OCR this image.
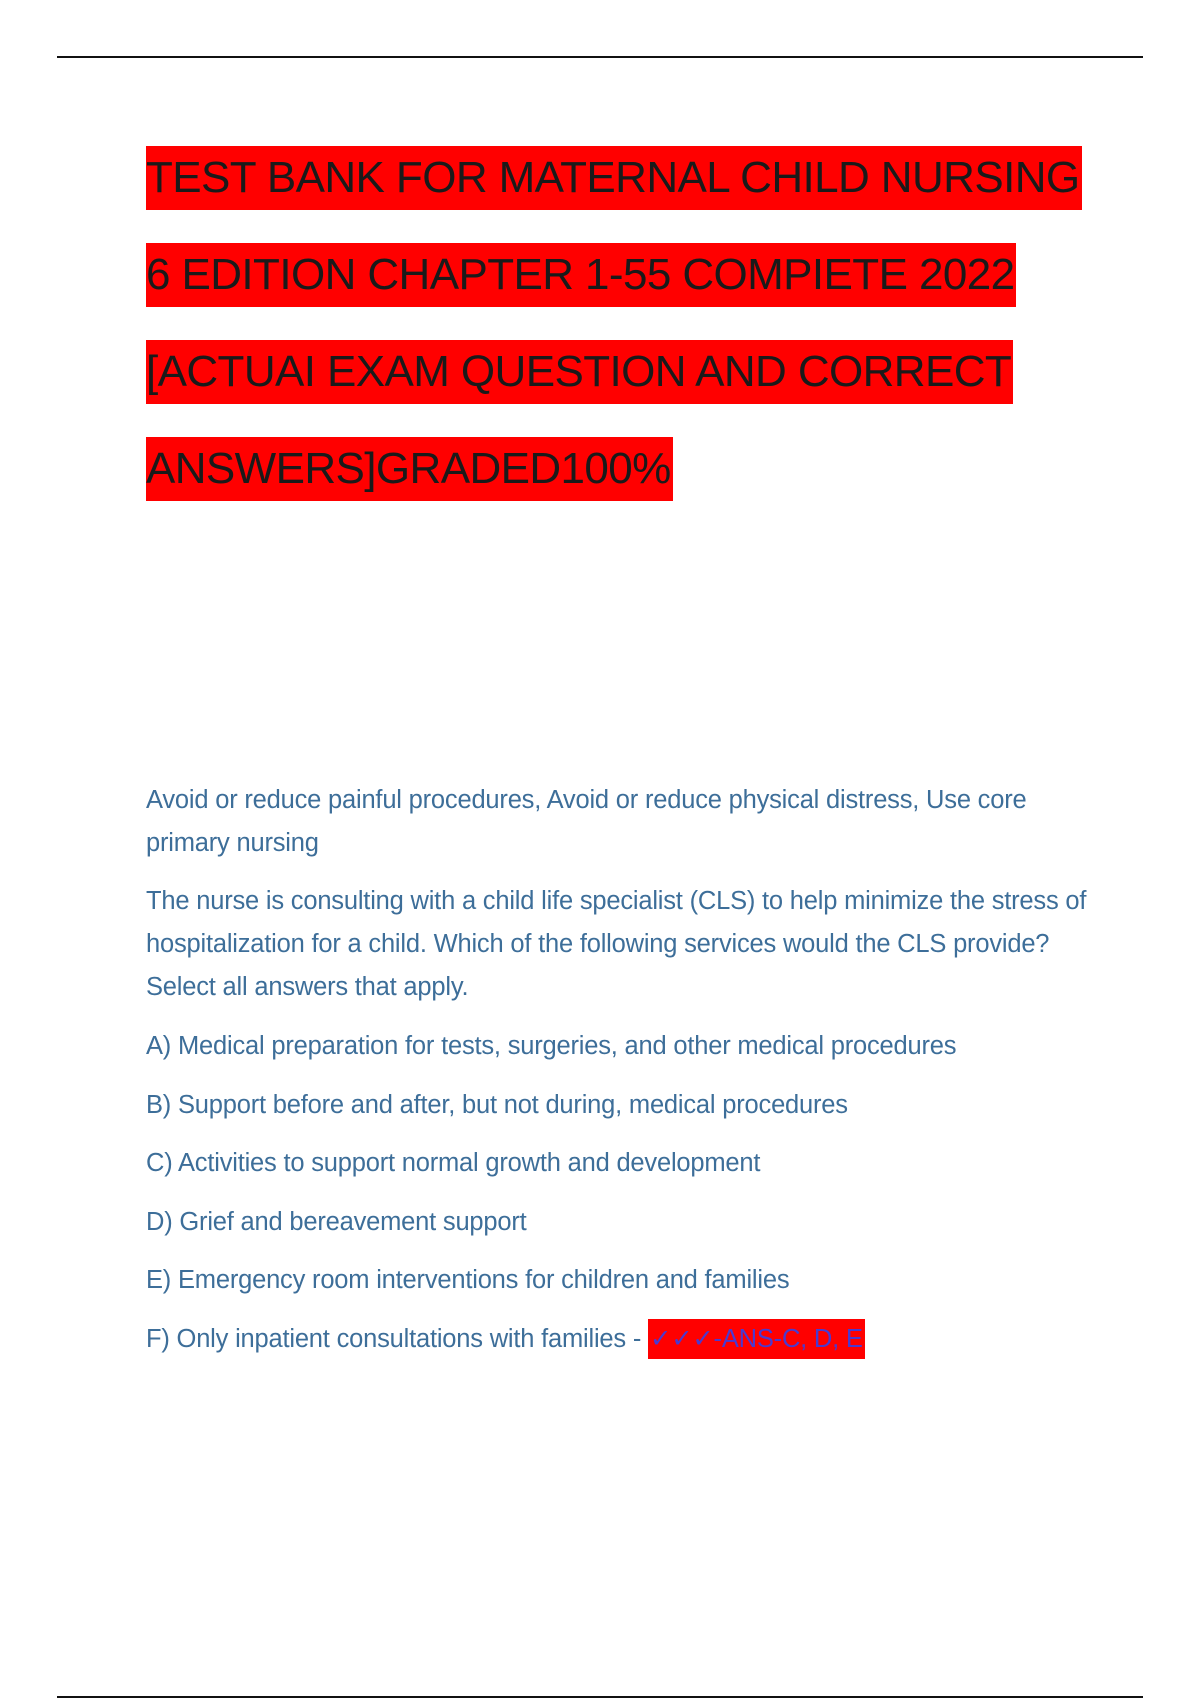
TEST BANK FOR MATERNAL CHILD NURSING
6 EDITION CHAPTER 1-55 COMPIETE 2022
[ACTUAI EXAM QUESTION AND CORRECT
ANSWERS]GRADED100%

Avoid or reduce painful procedures, Avoid or reduce physical distress, Use core primary nursing

The nurse is consulting with a child life specialist (CLS) to help minimize the stress of hospitalization for a child. Which of the following services would the CLS provide? Select all answers that apply.

A) Medical preparation for tests, surgeries, and other medical procedures
B) Support before and after, but not during, medical procedures
C) Activities to support normal growth and development
D) Grief and bereavement support
E) Emergency room interventions for children and families
F) Only inpatient consultations with families - ✓✓✓-ANS-C, D, E
